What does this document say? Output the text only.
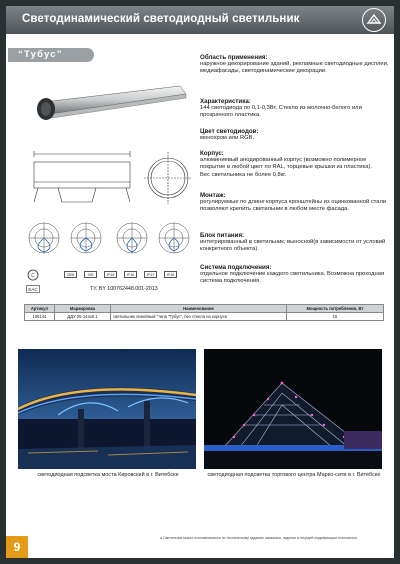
Светодинамический светодиодный светильник
“Тубус”
C
EAC
230В	24В	IP 65	IP 66	IP 67	IP 68
ТУ. BY 100762448.001-2013
Область применения:
наружное декорирование зданий, рекламные светодиодные дисплеи, медиафасады, светодинамические декорации.
Характеристика:
144 светодиода по 0,1-0,3Вт. Стекло из молочно-белого или прозрачного пластика.
Цвет светодиодов:
монохром или RGB.
Корпус:
алюминиевый анодированный корпус (возможно полимерное покрытие в любой цвет по RAL, торцевые крышки из пластика).
Вес светильника не более 0,8кг.
Монтаж:
регулируемые по длине корпуса кронштейны из оцинкованной стали позволяют крепить светильник в любом месте фасада.
Блок питания:
интегрированный в светильник, выносной(в зависимости от условий конкретного объекта).
Система подключения:
отдельное подключение каждого светильника. Возможна проходная система подключения.
Артикул	Маркировка	Наименование	Мощность потребления, Вт
105144	ДДУ 05-144х0.1	светильник линейный "типа "Тубус", без стекла на корпусе	15
светодиодная подсветка моста Кировский в г. Витебске	светодиодная подсветка торгового центра Марко-сити в г. Витебске
● Светильник может изготавливаться по техническому заданию заказчика, изделия в текущей модификации отличаются.
9
